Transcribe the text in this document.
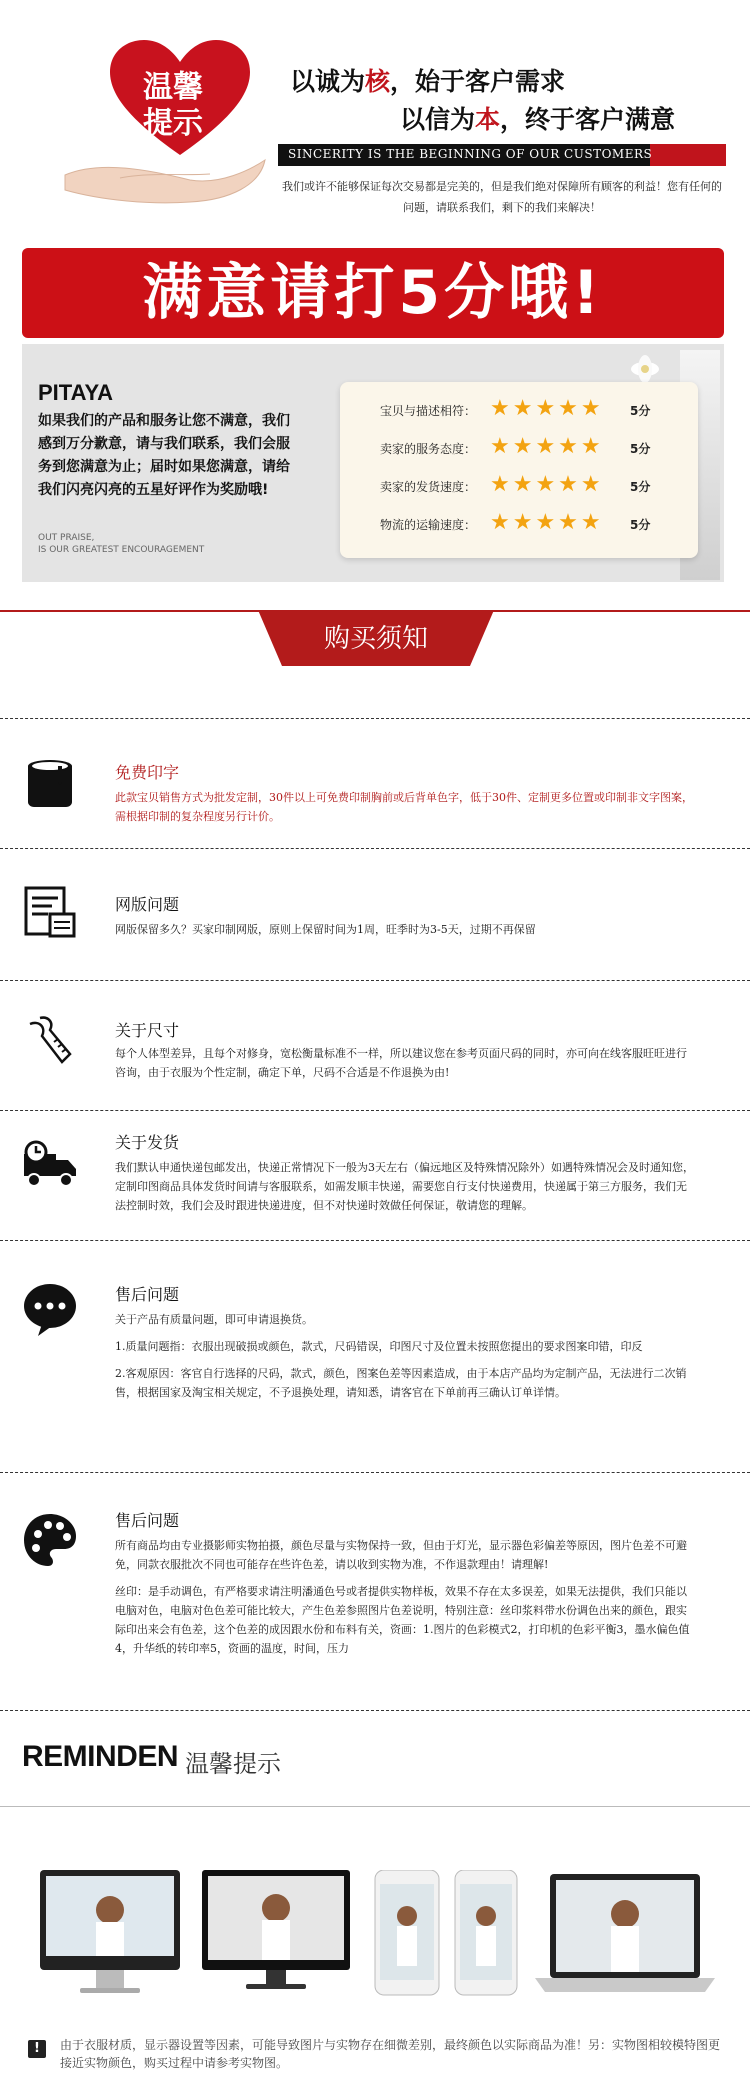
温馨
提示
以诚为核，始于客户需求
以信为本，终于客户满意
SINCERITY IS THE BEGINNING OF OUR CUSTOMERS
我们或许不能够保证每次交易都是完美的，但是我们绝对保障所有顾客的利益！您有任何的问题，请联系我们，剩下的我们来解决！
满意请打5分哦!
PITAYA
如果我们的产品和服务让您不满意，我们感到万分歉意，请与我们联系，我们会服务到您满意为止；届时如果您满意，请给我们闪亮闪亮的五星好评作为奖励哦!
OUT PRAISE,
IS OUR GREATEST ENCOURAGEMENT
宝贝与描述相符： ★★★★★ 5分
卖家的服务态度： ★★★★★ 5分
卖家的发货速度： ★★★★★ 5分
物流的运输速度： ★★★★★ 5分
购买须知
免费印字
此款宝贝销售方式为批发定制，30件以上可免费印制胸前或后背单色字，低于30件、定制更多位置或印制非文字图案，需根据印制的复杂程度另行计价。
网版问题
网版保留多久？买家印制网版，原则上保留时间为1周，旺季时为3-5天，过期不再保留
关于尺寸
每个人体型差异，且每个对修身，宽松衡量标准不一样，所以建议您在参考页面尺码的同时，亦可向在线客服旺旺进行咨询，由于衣服为个性定制，确定下单，尺码不合适是不作退换为由!
关于发货
我们默认申通快递包邮发出，快递正常情况下一般为3天左右（偏远地区及特殊情况除外）如遇特殊情况会及时通知您，定制印图商品具体发货时间请与客服联系，如需发顺丰快递，需要您自行支付快递费用，快递属于第三方服务，我们无法控制时效，我们会及时跟进快递进度，但不对快递时效做任何保证，敬请您的理解。
售后问题

关于产品有质量问题，即可申请退换货。

1.质量问题指：衣服出现破损或颜色，款式，尺码错误，印图尺寸及位置未按照您提出的要求图案印错，印反

2.客观原因：客官自行选择的尺码，款式，颜色，图案色差等因素造成，由于本店产品均为定制产品，无法进行二次销售，根据国家及淘宝相关规定，不予退换处理，请知悉，请客官在下单前再三确认订单详情。

售后问题

所有商品均由专业摄影师实物拍摄，颜色尽量与实物保持一致，但由于灯光，显示器色彩偏差等原因，图片色差不可避免，同款衣服批次不同也可能存在些许色差，请以收到实物为准，不作退款理由！请理解!

丝印：是手动调色，有严格要求请注明潘通色号或者提供实物样板，效果不存在太多误差，如果无法提供，我们只能以电脑对色，电脑对色色差可能比较大，产生色差参照图片色差说明，特别注意：丝印浆料带水份调色出来的颜色，跟实际印出来会有色差，这个色差的成因跟水份和布料有关，资画：1.图片的色彩模式2，打印机的色彩平衡3，墨水偏色值4，升华纸的转印率5，资画的温度，时间，压力

REMINDEN 温馨提示
!	由于衣服材质，显示器设置等因素，可能导致图片与实物存在细微差别，最终颜色以实际商品为准！另：实物图相较模特图更接近实物颜色，购买过程中请参考实物图。
